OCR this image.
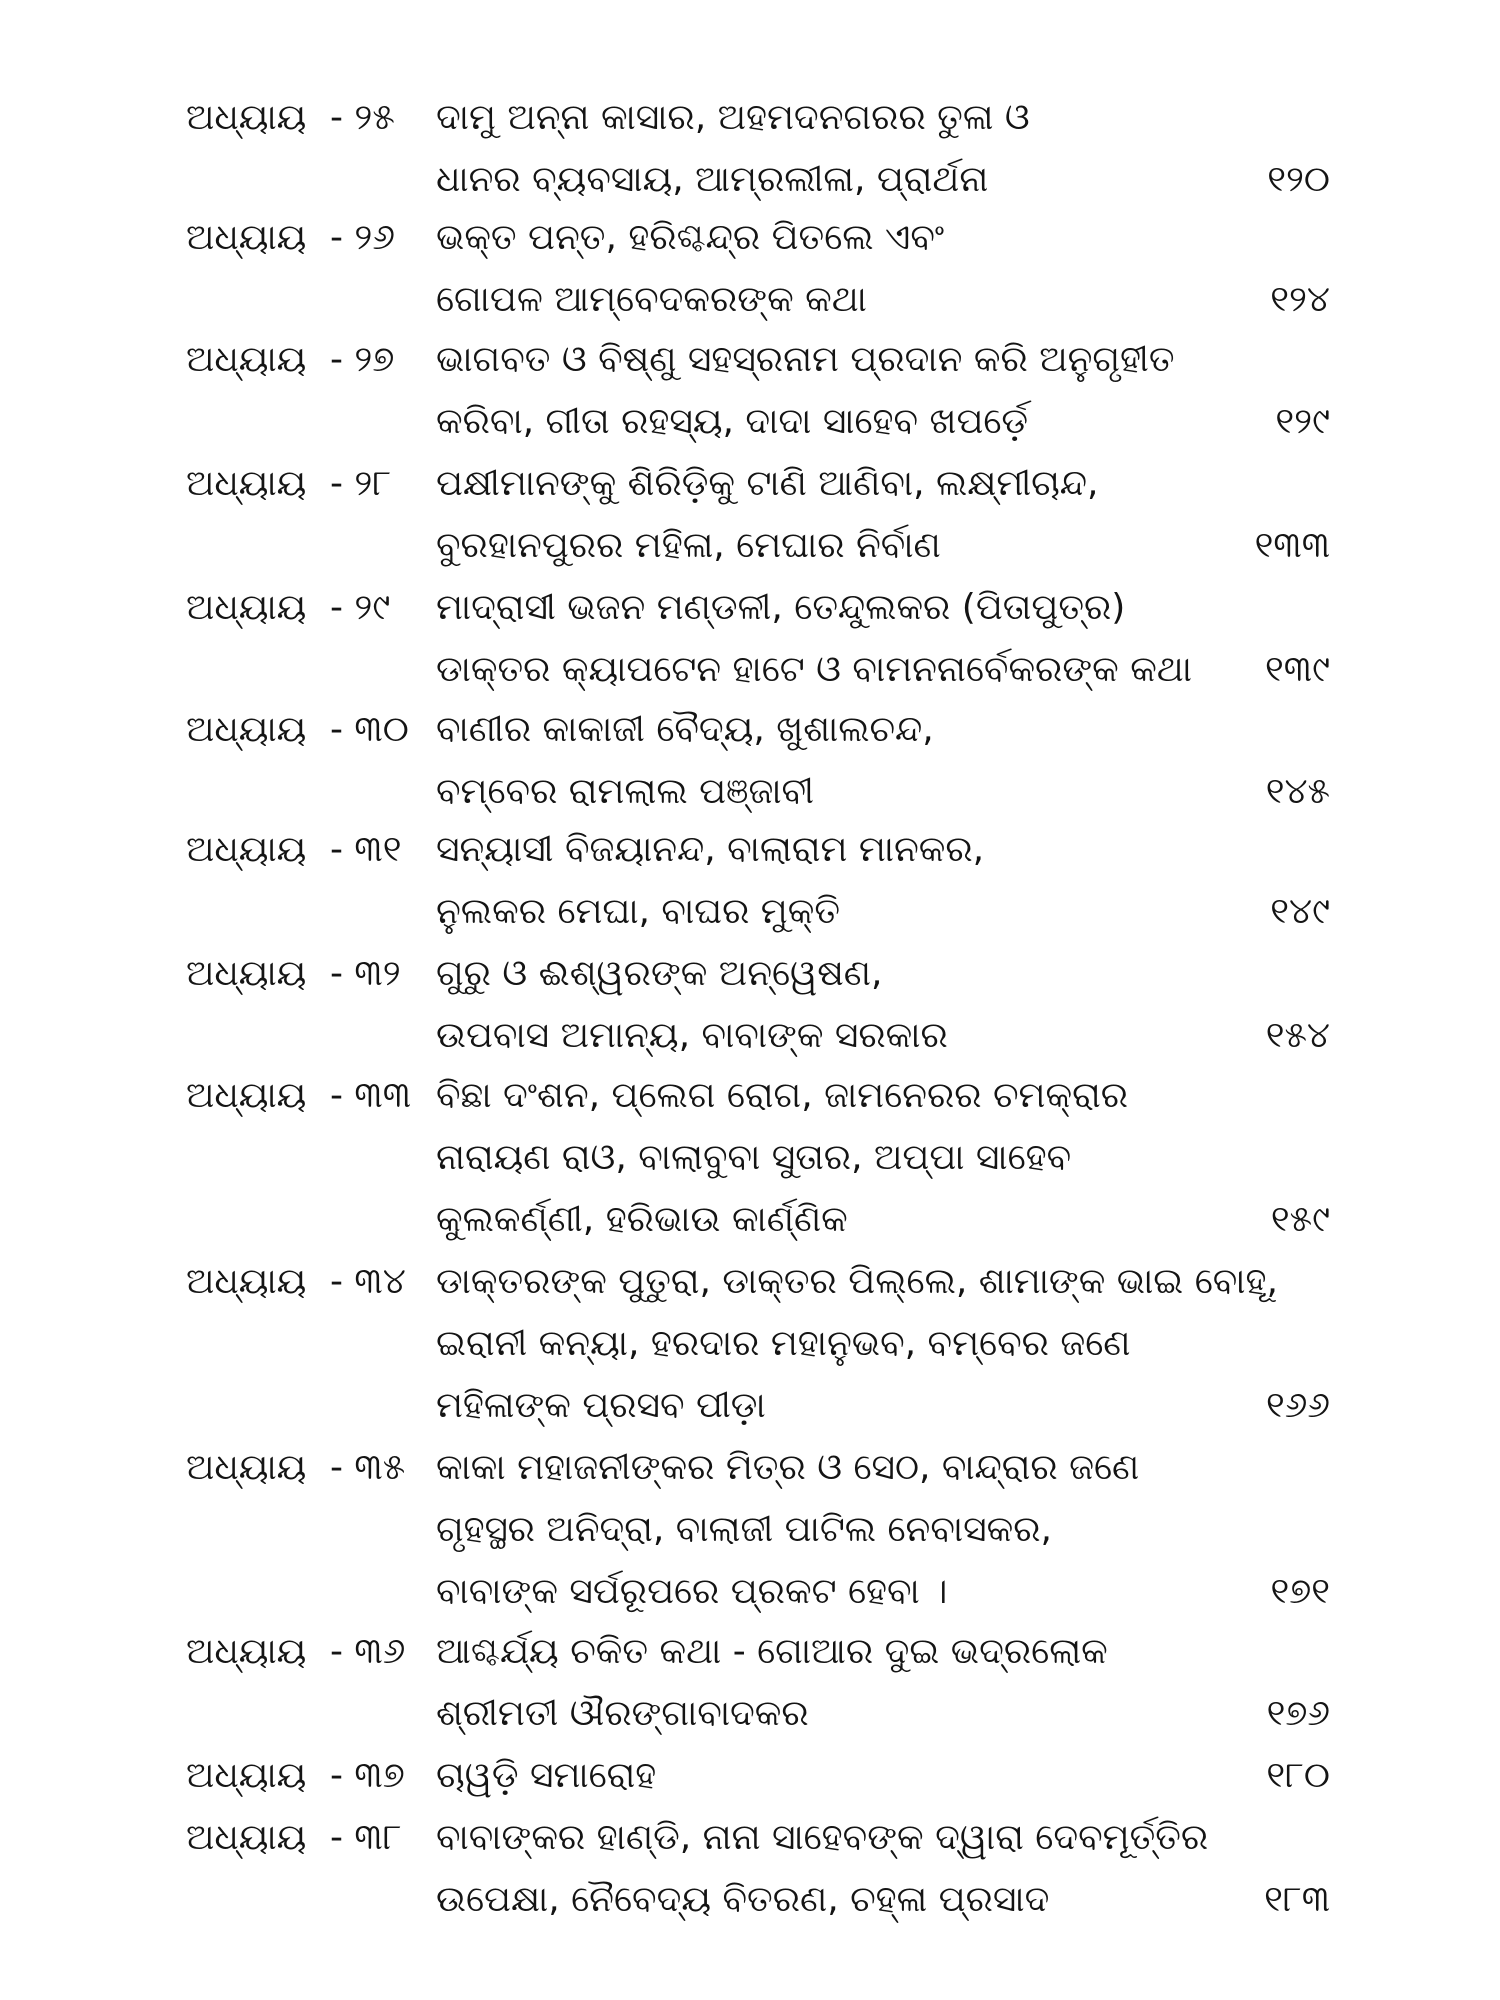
ଅଧ୍ୟାୟ - ୨୫ ଦାମୁ ଅନ୍ନା କାସାର, ଅହମଦନଗରର ତୁଳା ଓ
ଧାନର ବ୍ୟବସାୟ, ଆମ୍ରଲୀଳା, ପ୍ରାର୍ଥନା	୧୨୦
ଅଧ୍ୟାୟ - ୨୬ ଭକ୍ତ ପନ୍ତ, ହରିଶ୍ଚନ୍ଦ୍ର ପିତଲେ ଏବଂ
ଗୋପଳ ଆମ୍ବେଦକରଙ୍କ କଥା	୧୨୪
ଅଧ୍ୟାୟ - ୨୭ ଭାଗବତ ଓ ବିଷ୍ଣୁ ସହସ୍ରନାମ ପ୍ରଦାନ କରି ଅନୁଗୃହୀତ
କରିବା, ଗୀତା ରହସ୍ୟ, ଦାଦା ସାହେବ ଖପର୍ଡ଼େ	୧୨୯
ଅଧ୍ୟାୟ - ୨୮ ପକ୍ଷୀମାନଙ୍କୁ ଶିରିଡ଼ିକୁ ଟାଣି ଆଣିବା, ଲକ୍ଷ୍ମୀଚାନ୍ଦ,
ବୁରହାନପୁରର ମହିଳା, ମେଘାର ନିର୍ବାଣ	୧୩୩
ଅଧ୍ୟାୟ - ୨୯ ମାଦ୍ରାସୀ ଭଜନ ମଣ୍ଡଳୀ, ତେନ୍ଦୁଲକର (ପିତାପୁତ୍ର)
ଡାକ୍ତର କ୍ୟାପଟେନ ହାଟେ ଓ ବାମନନାର୍ବେକରଙ୍କ କଥା ୧୩୯
ଅଧ୍ୟାୟ - ୩୦ ବାଣୀର କାକାଜୀ ବୈଦ୍ୟ, ଖୁଶାଲଚନ୍ଦ,
ବମ୍ବେର ରାମଲାଲ ପଞ୍ଜାବୀ	୧୪୫
ଅଧ୍ୟାୟ - ୩୧ ସନ୍ୟାସୀ ବିଜୟାନନ୍ଦ, ବାଲାରାମ ମାନକର,
ନୁଲକର ମେଘା, ବାଘର ମୁକ୍ତି	୧୪୯
ଅଧ୍ୟାୟ - ୩୨ ଗୁରୁ ଓ ଈଶ୍ୱରଙ୍କ ଅନ୍ୱେଷଣ,
ଉପବାସ ଅମାନ୍ୟ, ବାବାଙ୍କ ସରକାର	୧୫୪
ଅଧ୍ୟାୟ - ୩୩ ବିଛା ଦଂଶନ, ପ୍ଲେଗ ରୋଗ, ଜାମନେରର ଚମକ୍ରାର
ନାରାୟଣ ରାଓ, ବାଲାବୁବା ସୁତାର, ଅପ୍ପା ସାହେବ
କୁଲକର୍ଣ୍ଣୀ, ହରିଭାଉ କାର୍ଣ୍ଣିକ	୧୫୯
ଅଧ୍ୟାୟ - ୩୪ ଡାକ୍ତରଙ୍କ ପୁତୁରା, ଡାକ୍ତର ପିଲ୍ଲେ, ଶାମାଙ୍କ ଭାଇ ବୋହୂ,
ଇରାନୀ କନ୍ୟା, ହରଦାର ମହାନୁଭବ, ବମ୍ବେର ଜଣେ
ମହିଳାଙ୍କ ପ୍ରସବ ପୀଡ଼ା	୧୬୬
ଅଧ୍ୟାୟ - ୩୫ କାକା ମହାଜନୀଙ୍କର ମିତ୍ର ଓ ସେଠ, ବାନ୍ଦ୍ରାର ଜଣେ
ଗୃହସ୍ଥର ଅନିଦ୍ରା, ବାଲାଜୀ ପାଟିଲ ନେବାସକର,
ବାବାଙ୍କ ସର୍ପରୂପରେ ପ୍ରକଟ ହେବା ।	୧୭୧
ଅଧ୍ୟାୟ - ୩୬ ଆଶ୍ଚର୍ଯ୍ୟ ଚକିତ କଥା - ଗୋଆର ଦୁଇ ଭଦ୍ରଲୋକ
ଶ୍ରୀମତୀ ଔରଙ୍ଗାବାଦକର	୧୭୬
ଅଧ୍ୟାୟ - ୩୭ ଚାୱଡ଼ି ସମାରୋହ	୧୮୦
ଅଧ୍ୟାୟ - ୩୮ ବାବାଙ୍କର ହାଣ୍ଡି, ନାନା ସାହେବଙ୍କ ଦ୍ୱାରା ଦେବମୂର୍ତ୍ତିର
ଉପେକ୍ଷା, ନୈବେଦ୍ୟ ବିତରଣ, ଚହ୍ଳା ପ୍ରସାଦ	୧୮୩
